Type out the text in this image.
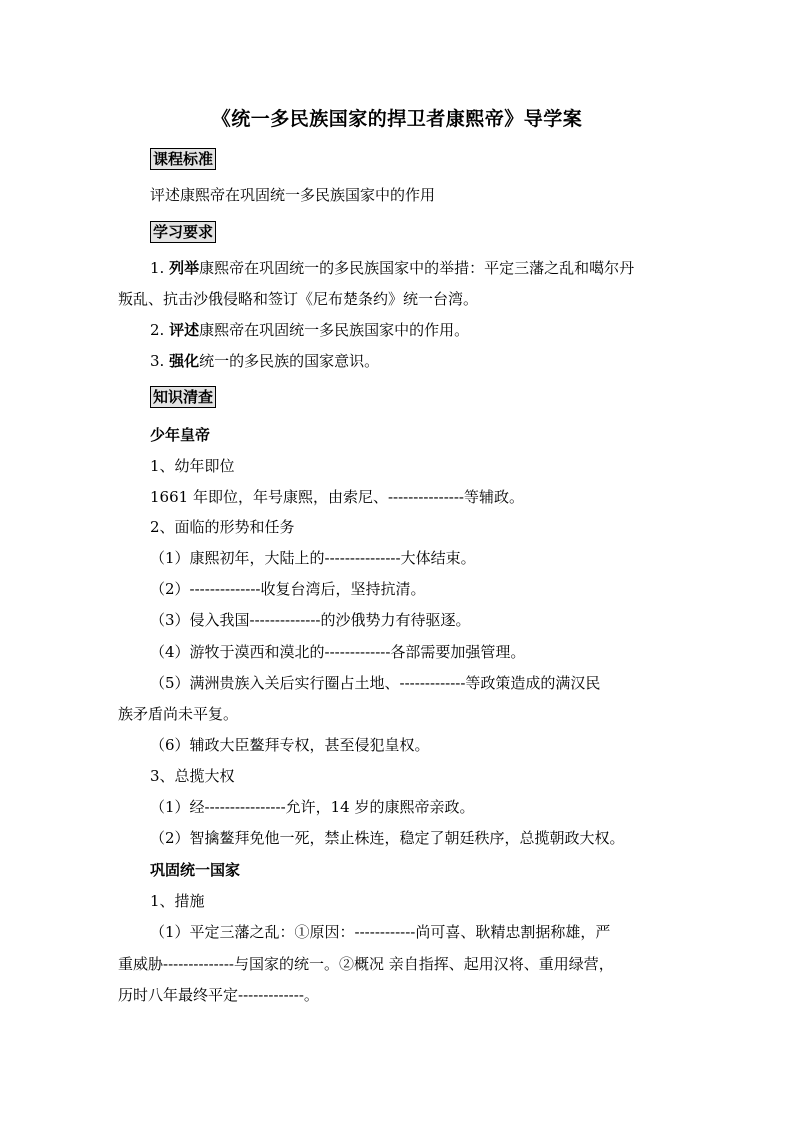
《统一多民族国家的捍卫者康熙帝》导学案
课程标准
评述康熙帝在巩固统一多民族国家中的作用
学习要求
1. 列举康熙帝在巩固统一的多民族国家中的举措：平定三藩之乱和噶尔丹
叛乱、抗击沙俄侵略和签订《尼布楚条约》统一台湾。
2. 评述康熙帝在巩固统一多民族国家中的作用。
3. 强化统一的多民族的国家意识。
知识清查
少年皇帝
1、幼年即位
1661 年即位，年号康熙，由索尼、---------------等辅政。
2、面临的形势和任务
（1）康熙初年，大陆上的---------------大体结束。
（2）--------------收复台湾后，坚持抗清。
（3）侵入我国--------------的沙俄势力有待驱逐。
（4）游牧于漠西和漠北的-------------各部需要加强管理。
（5）满洲贵族入关后实行圈占土地、-------------等政策造成的满汉民
族矛盾尚未平复。
（6）辅政大臣鳌拜专权，甚至侵犯皇权。
3、总揽大权
（1）经----------------允许，14 岁的康熙帝亲政。
（2）智擒鳌拜免他一死，禁止株连，稳定了朝廷秩序，总揽朝政大权。
巩固统一国家
1、措施
（1）平定三藩之乱：①原因：------------尚可喜、耿精忠割据称雄，严
重威胁--------------与国家的统一。②概况 亲自指挥、起用汉将、重用绿营，
历时八年最终平定-------------。
